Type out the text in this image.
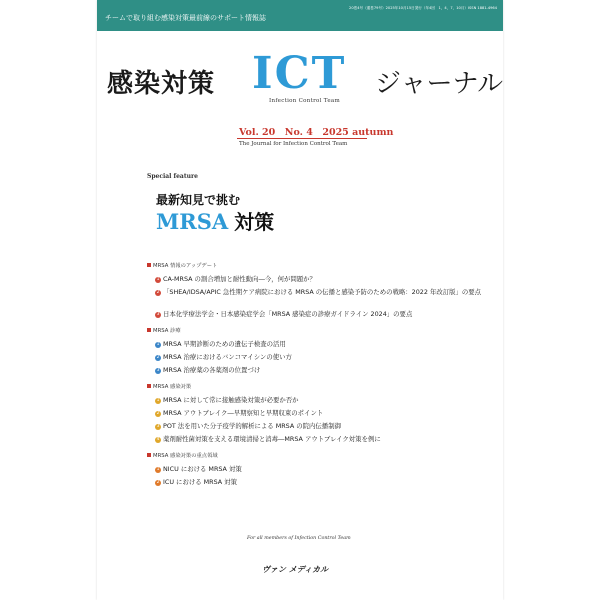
チームで取り組む感染対策最前線のサポート情報誌
20巻4号（通巻79号）2025年10月15日発行（年4回　1，4，7，10月）ISSN 1881-4964
感染対策 ICT ジャーナル
Infection Control Team
Vol. 20　No. 4　2025 autumn
The Journal for Infection Control Team
Special feature
最新知見で挑む
MRSA 対策
MRSA 情報のアップデート
1 CA-MRSA の割合増加と耐性動向―今，何が問題か？
2 「SHEA/IDSA/APIC 急性期ケア病院における MRSA の伝播と感染予防のための戦略：2022 年改訂版」の要点
3 日本化学療法学会・日本感染症学会「MRSA 感染症の診療ガイドライン 2024」の要点
MRSA 診療
1 MRSA 早期診断のための遺伝子検査の活用
2 MRSA 治療におけるバンコマイシンの使い方
3 MRSA 治療薬の各薬剤の位置づけ
MRSA 感染対策
1 MRSA に対して常に接触感染対策が必要か否か
2 MRSA アウトブレイク―早期察知と早期収束のポイント
3 POT 法を用いた分子疫学的解析による MRSA の院内伝播制御
4 薬剤耐性菌対策を支える環境清掃と消毒―MRSA アウトブレイク対策を例に
MRSA 感染対策の重点領域
1 NICU における MRSA 対策
2 ICU における MRSA 対策
For all members of Infection Control Team
ヴァン メディカル
